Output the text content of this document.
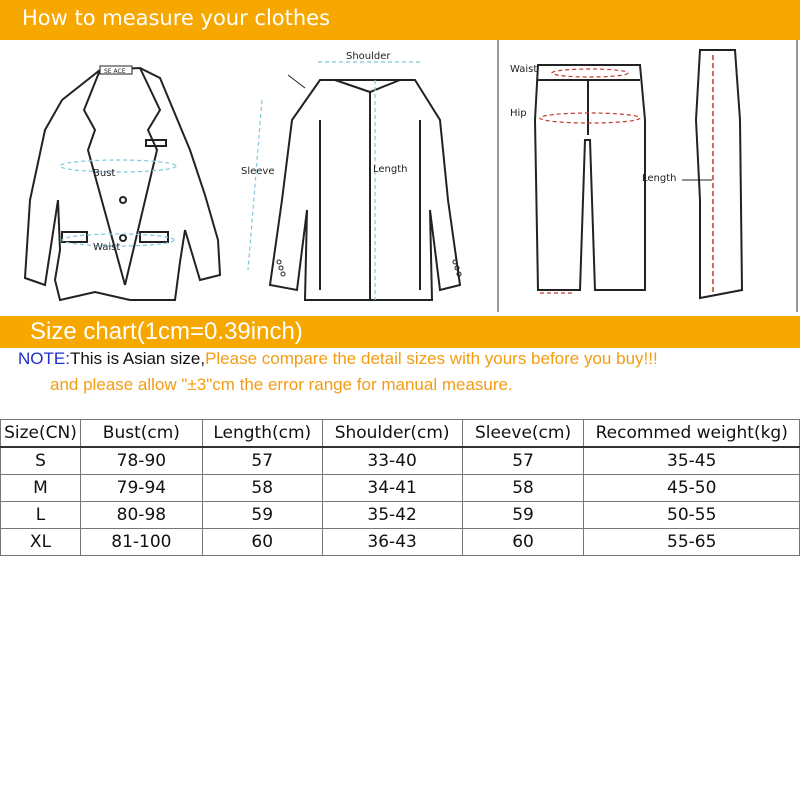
How to measure your clothes
SE ACE
Bust
Waist
Shoulder
Sleeve	Length
Waist
Hip
Length
Size chart(1cm=0.39inch)
NOTE:This is Asian size,Please compare the detail sizes with yours before you buy!!!
and please allow "±3"cm the error range for manual measure.
Size(CN)	Bust(cm)	Length(cm)	Shoulder(cm)	Sleeve(cm)	Recommed weight(kg)
S	78-90	57	33-40	57	35-45
M	79-94	58	34-41	58	45-50
L	80-98	59	35-42	59	50-55
XL	81-100	60	36-43	60	55-65
